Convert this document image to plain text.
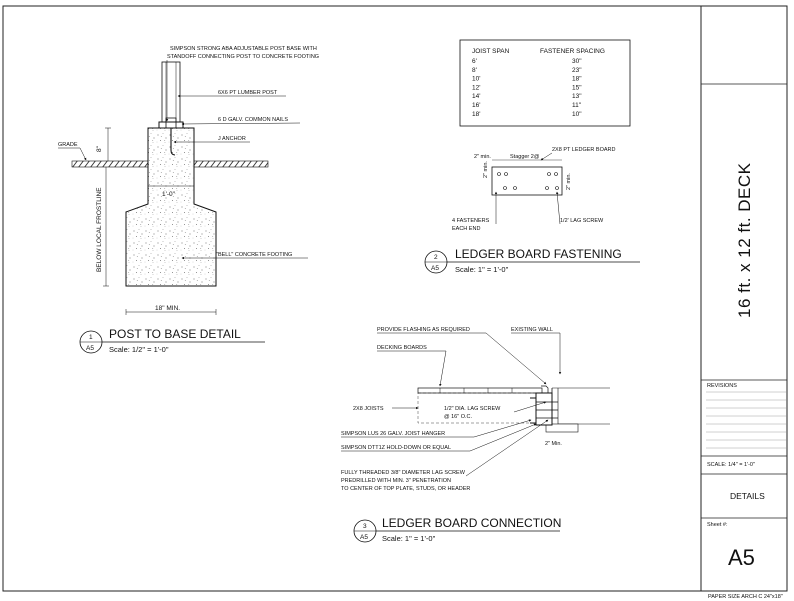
16 ft. x 12 ft. DECK
REVISIONS
SCALE: 1/4" = 1'-0"
DETAILS
Sheet #:
A5
PAPER SIZE ARCH C 24"x18"
1'-0"
8"
BELOW LOCAL FROSTLINE
18" MIN.
SIMPSON STRONG ABA ADJUSTABLE POST BASE WITH
STANDOFF CONNECTING POST TO CONCRETE FOOTING
6X6 PT LUMBER POST
6 D GALV. COMMON NAILS
J ANCHOR
GRADE
"BELL" CONCRETE FOOTING
1
A5
POST TO BASE DETAIL
Scale: 1/2" = 1'-0"
JOIST SPAN	FASTENER SPACING
6'	30"
8'	23"
10'	18"
12'	15"
14'	13"
16'	11"
18'	10"
2" min.	Stagger 2@
2" min.
2" min.
2X8 PT LEDGER BOARD
4 FASTENERS
EACH END
1/2' LAG SCREW
2
A5
LEDGER BOARD FASTENING
Scale: 1" = 1'-0"
PROVIDE FLASHING AS REQUIRED	EXISTING WALL
DECKING BOARDS
2X8 JOISTS	1/2" DIA. LAG SCREW
@ 16" O.C.
SIMPSON LUS 26 GALV. JOIST HANGER
SIMPSON DTT1Z HOLD-DOWN OR EQUAL
FULLY THREADED 3/8" DIAMETER LAG SCREW
PREDRILLED WITH MIN. 3" PENETRATION
TO CENTER OF TOP PLATE, STUDS, OR HEADER
2" Min.
3
A5
LEDGER BOARD CONNECTION
Scale: 1" = 1'-0"
